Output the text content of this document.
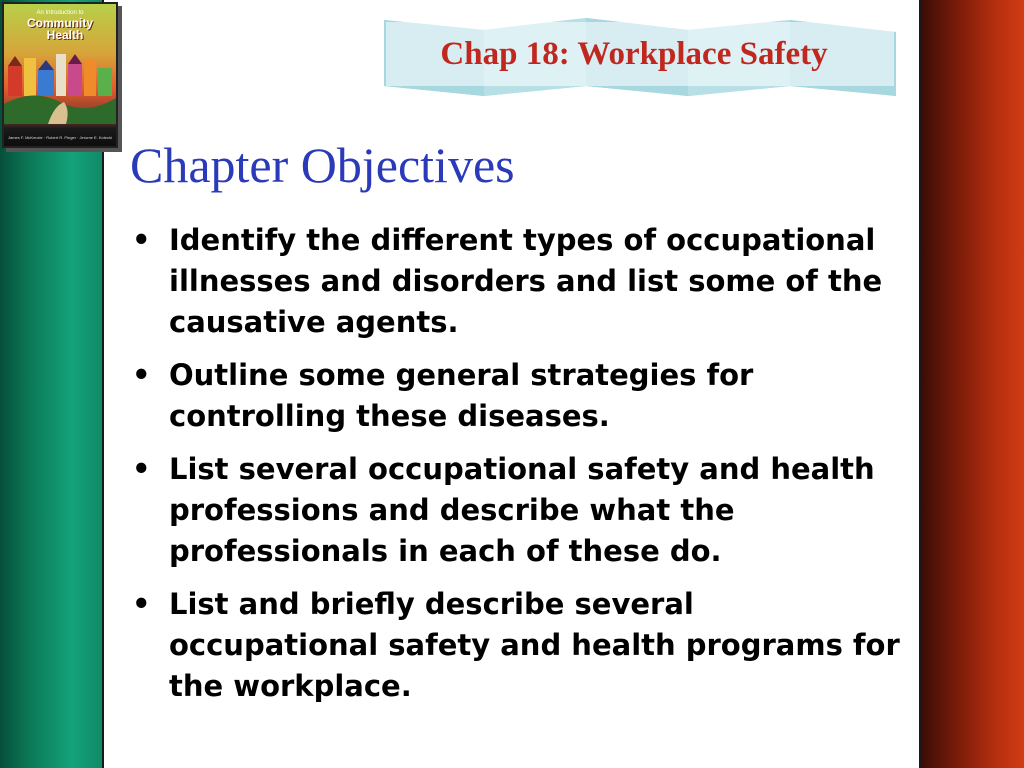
An Introduction to
Community
Health
James F. McKenzie · Robert R. Pinger · Jerome E. Kotecki
Chap 18: Workplace Safety
Chapter Objectives
• Identify the different types of occupational illnesses and disorders and list some of the causative agents.
• Outline some general strategies for controlling these diseases.
• List several occupational safety and health professions and describe what the professionals in each of these do.
• List and briefly describe several occupational safety and health programs for the workplace.
